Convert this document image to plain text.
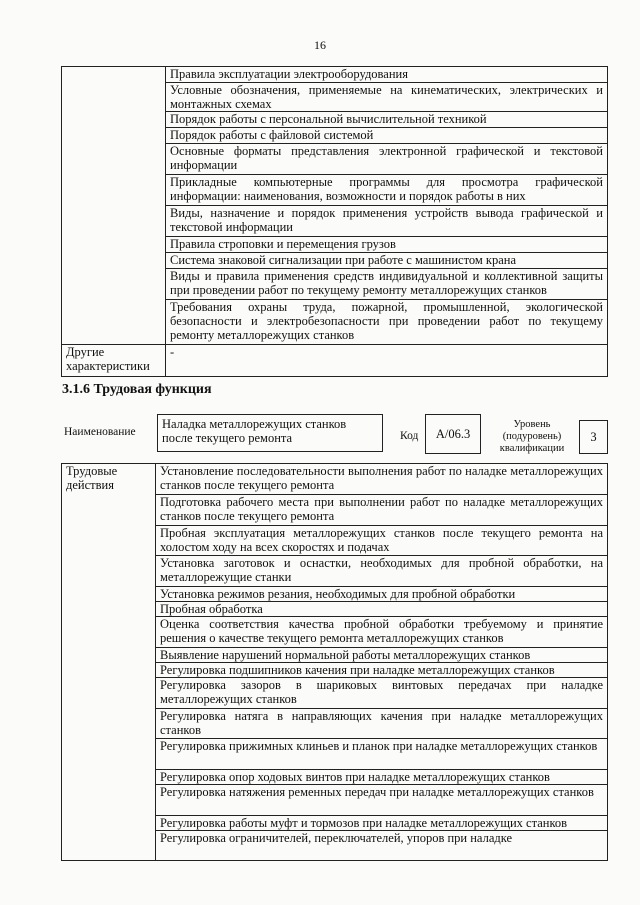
16
	Правила эксплуатации электрооборудования
	Условные обозначения, применяемые на кинематических, электрических и монтажных схемах
	Порядок работы с персональной вычислительной техникой
	Порядок работы с файловой системой
	Основные форматы представления электронной графической и текстовой информации
	Прикладные компьютерные программы для просмотра графической информации: наименования, возможности и порядок работы в них
	Виды, назначение и порядок применения устройств вывода графической и текстовой информации
	Правила строповки и перемещения грузов
	Система знаковой сигнализации при работе с машинистом крана
	Виды и правила применения средств индивидуальной и коллективной защиты при проведении работ по текущему ремонту металлорежущих станков
	Требования охраны труда, пожарной, промышленной, экологической безопасности и электробезопасности при проведении работ по текущему ремонту металлорежущих станков
Другие характеристики	-
3.1.6 Трудовая функция
Наименование
Наладка металлорежущих станков после текущего ремонта	Код	А/06.3
Уровень (подуровень) квалификации
3
Трудовые действия	Установление последовательности выполнения работ по наладке металлорежущих станков после текущего ремонта
Подготовка рабочего места при выполнении работ по наладке металлорежущих станков после текущего ремонта
Пробная эксплуатация металлорежущих станков после текущего ремонта на холостом ходу на всех скоростях и подачах
Установка заготовок и оснастки, необходимых для пробной обработки, на металлорежущие станки
Установка режимов резания, необходимых для пробной обработки
Пробная обработка
Оценка соответствия качества пробной обработки требуемому и принятие решения о качестве текущего ремонта металлорежущих станков
Выявление нарушений нормальной работы металлорежущих станков
Регулировка подшипников качения при наладке металлорежущих станков
Регулировка зазоров в шариковых винтовых передачах при наладке металлорежущих станков
Регулировка натяга в направляющих качения при наладке металлорежущих станков
Регулировка прижимных клиньев и планок при наладке металлорежущих станков
Регулировка опор ходовых винтов при наладке металлорежущих станков
Регулировка натяжения ременных передач при наладке металлорежущих станков
Регулировка работы муфт и тормозов при наладке металлорежущих станков
Регулировка ограничителей, переключателей, упоров при наладке
